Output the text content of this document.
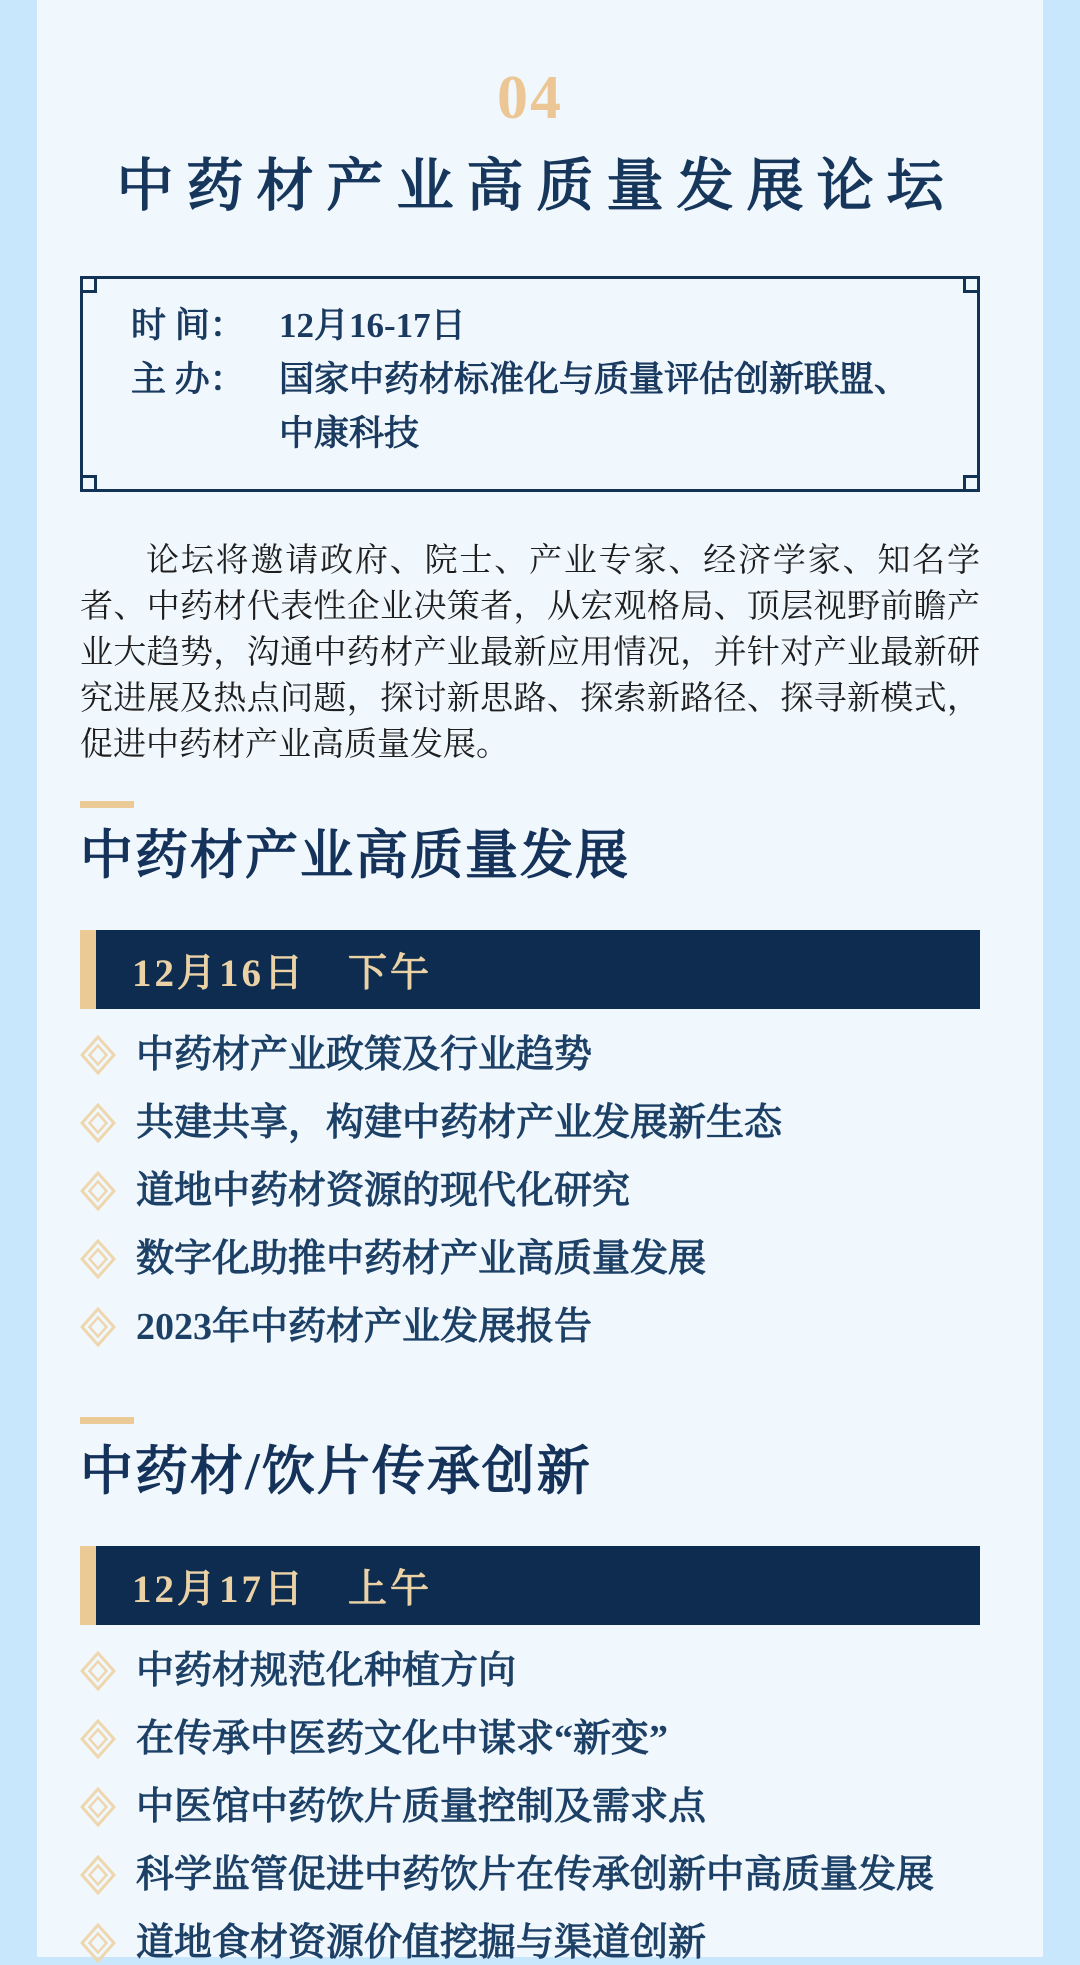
04
中药材产业高质量发展论坛
时 间： 12月16-17日
主 办： 国家中药材标准化与质量评估创新联盟、
中康科技

论坛将邀请政府、院士、产业专家、经济学家、知名学者、中药材代表性企业决策者，从宏观格局、顶层视野前瞻产业大趋势，沟通中药材产业最新应用情况，并针对产业最新研究进展及热点问题，探讨新思路、探索新路径、探寻新模式，促进中药材产业高质量发展。

中药材产业高质量发展
12月16日　下午
中药材产业政策及行业趋势
共建共享，构建中药材产业发展新生态
道地中药材资源的现代化研究
数字化助推中药材产业高质量发展
2023年中药材产业发展报告
中药材/饮片传承创新
12月17日　上午
中药材规范化种植方向
在传承中医药文化中谋求“新变”
中医馆中药饮片质量控制及需求点
科学监管促进中药饮片在传承创新中高质量发展
道地食材资源价值挖掘与渠道创新
